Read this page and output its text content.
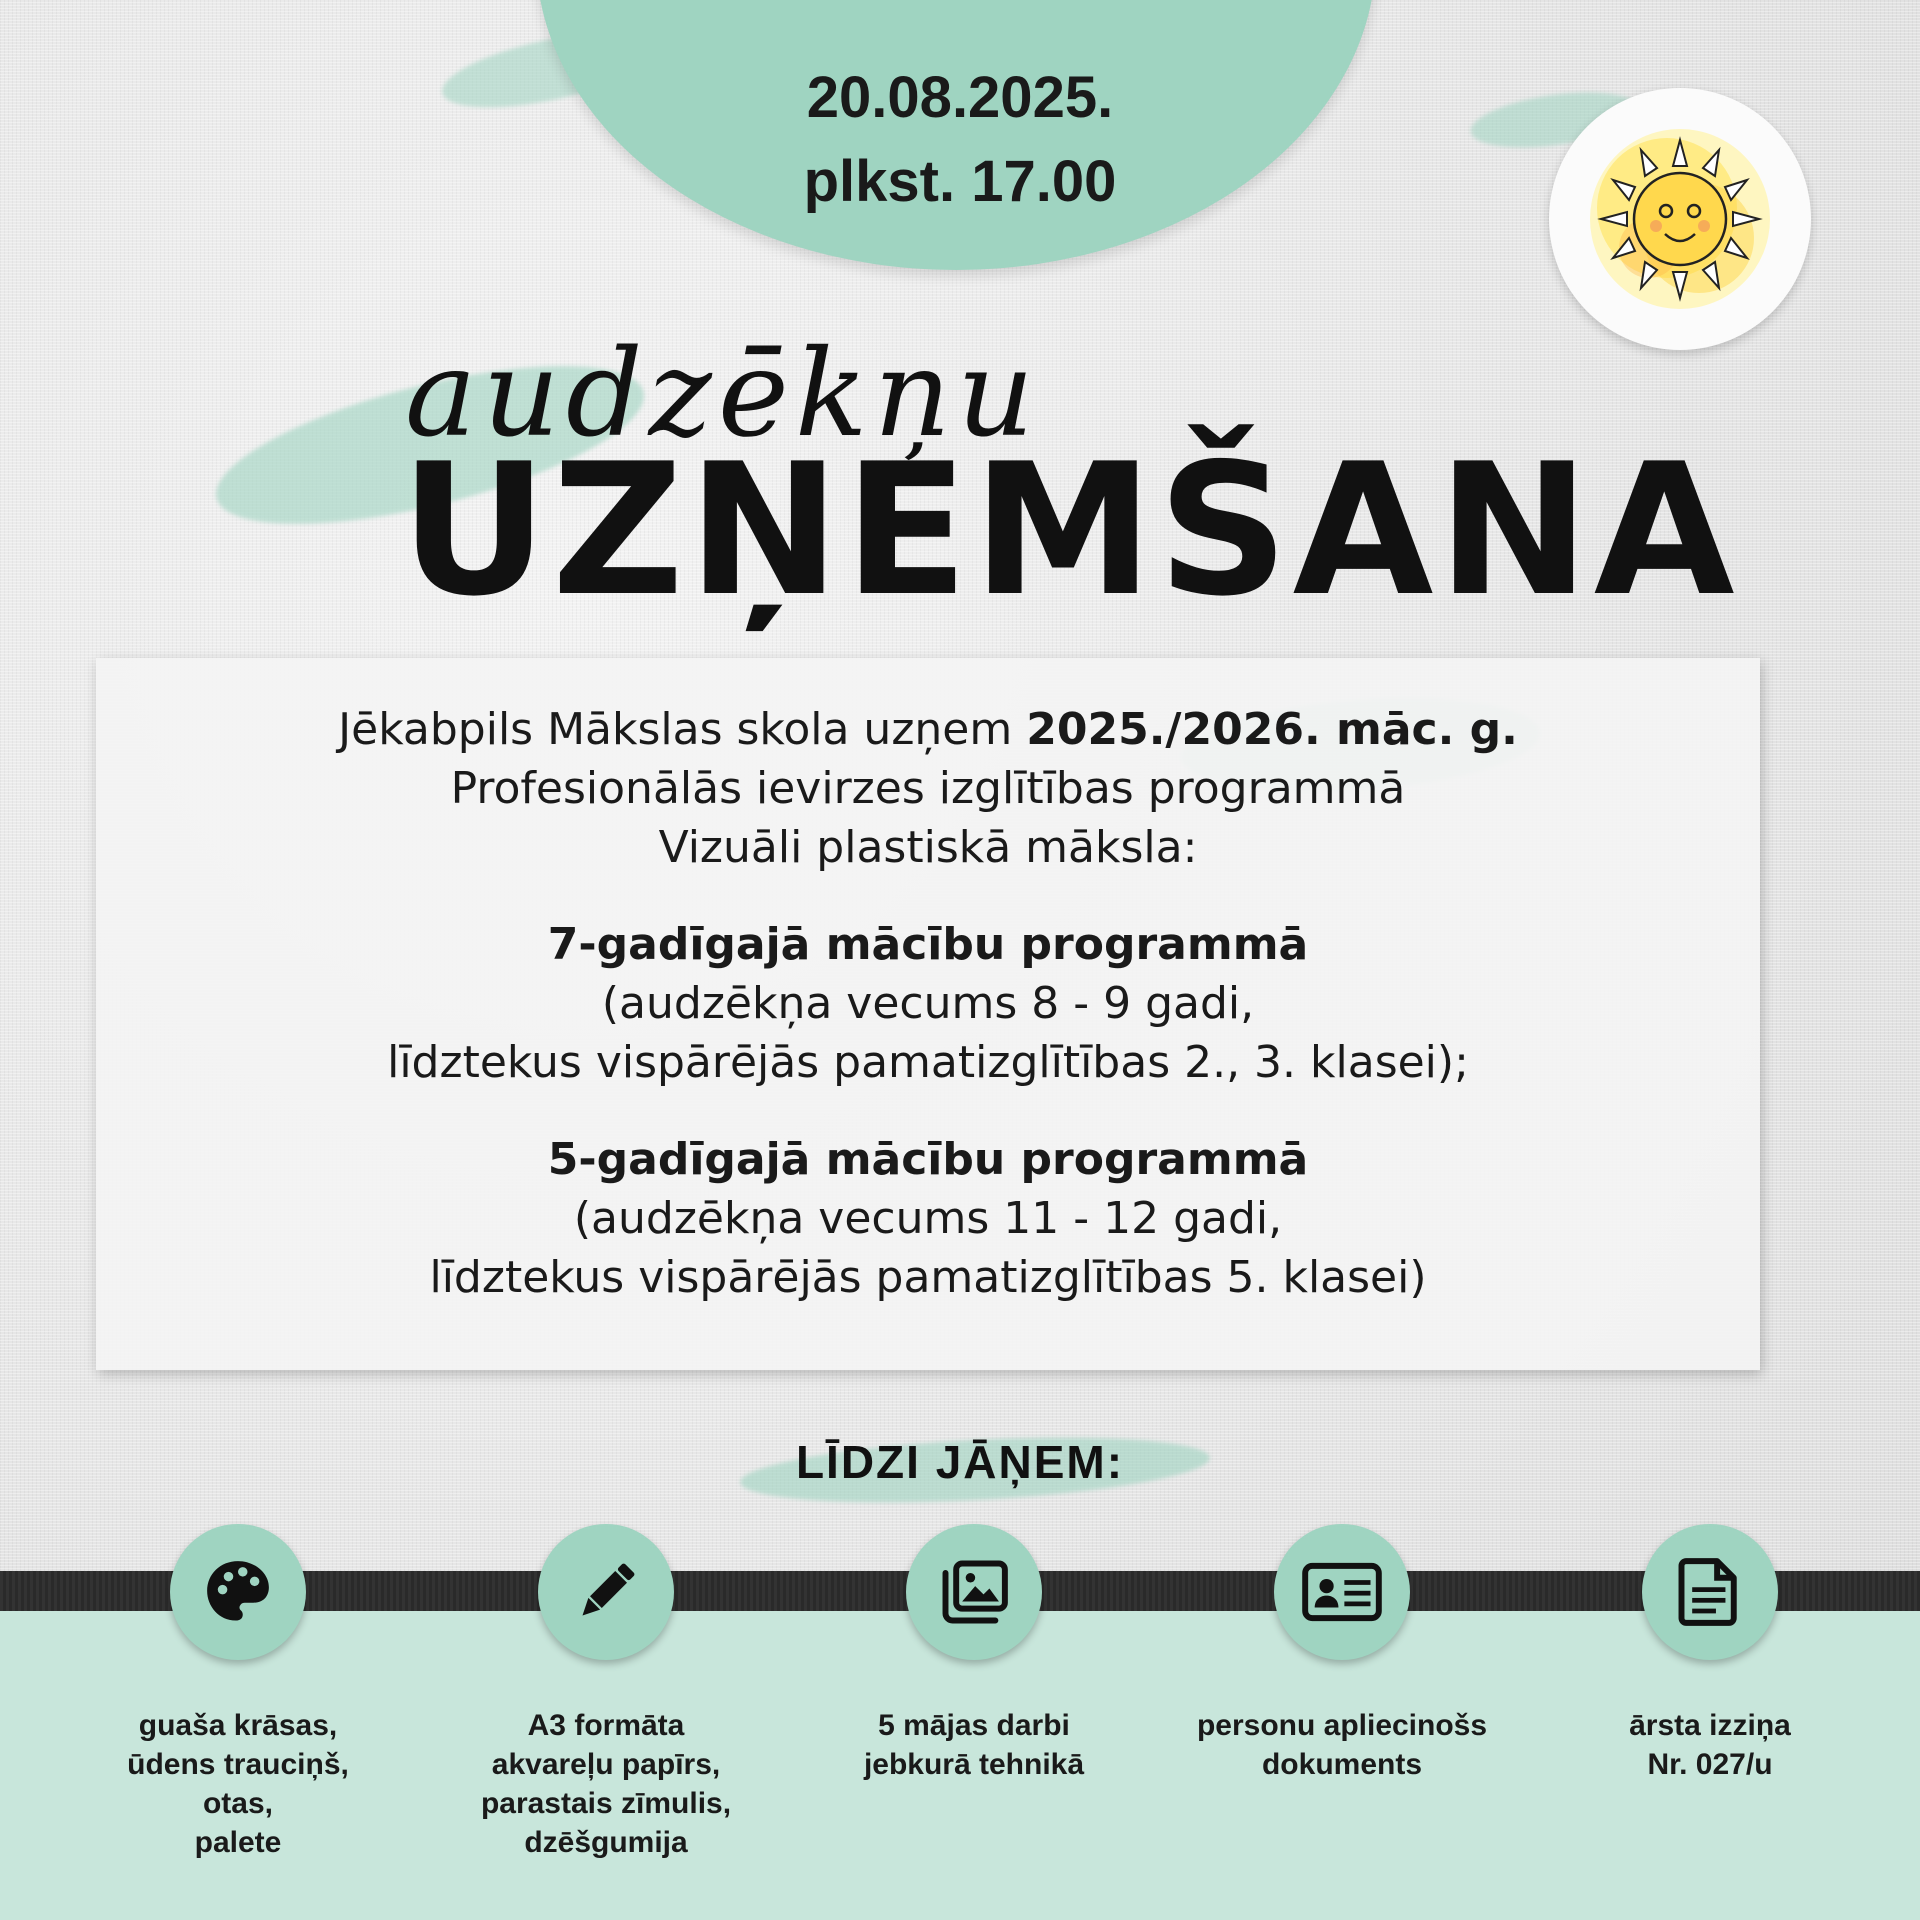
20.08.2025.
plkst. 17.00
audzēkņu
UZŅEMŠANA
Jēkabpils Mākslas skola uzņem 2025./2026. māc. g.
Profesionālās ievirzes izglītības programmā
Vizuāli plastiskā māksla:
7-gadīgajā mācību programmā
(audzēkņa vecums 8 - 9 gadi,
līdztekus vispārējās pamatizglītības 2., 3. klasei);
5-gadīgajā mācību programmā
(audzēkņa vecums 11 - 12 gadi,
līdztekus vispārējās pamatizglītības 5. klasei)
LĪDZI JĀŅEM:
guaša krāsas,
ūdens trauciņš,
otas,
palete
A3 formāta
akvareļu papīrs,
parastais zīmulis,
dzēšgumija
5 mājas darbi
jebkurā tehnikā
personu apliecinošs
dokuments
ārsta izziņa
Nr. 027/u
